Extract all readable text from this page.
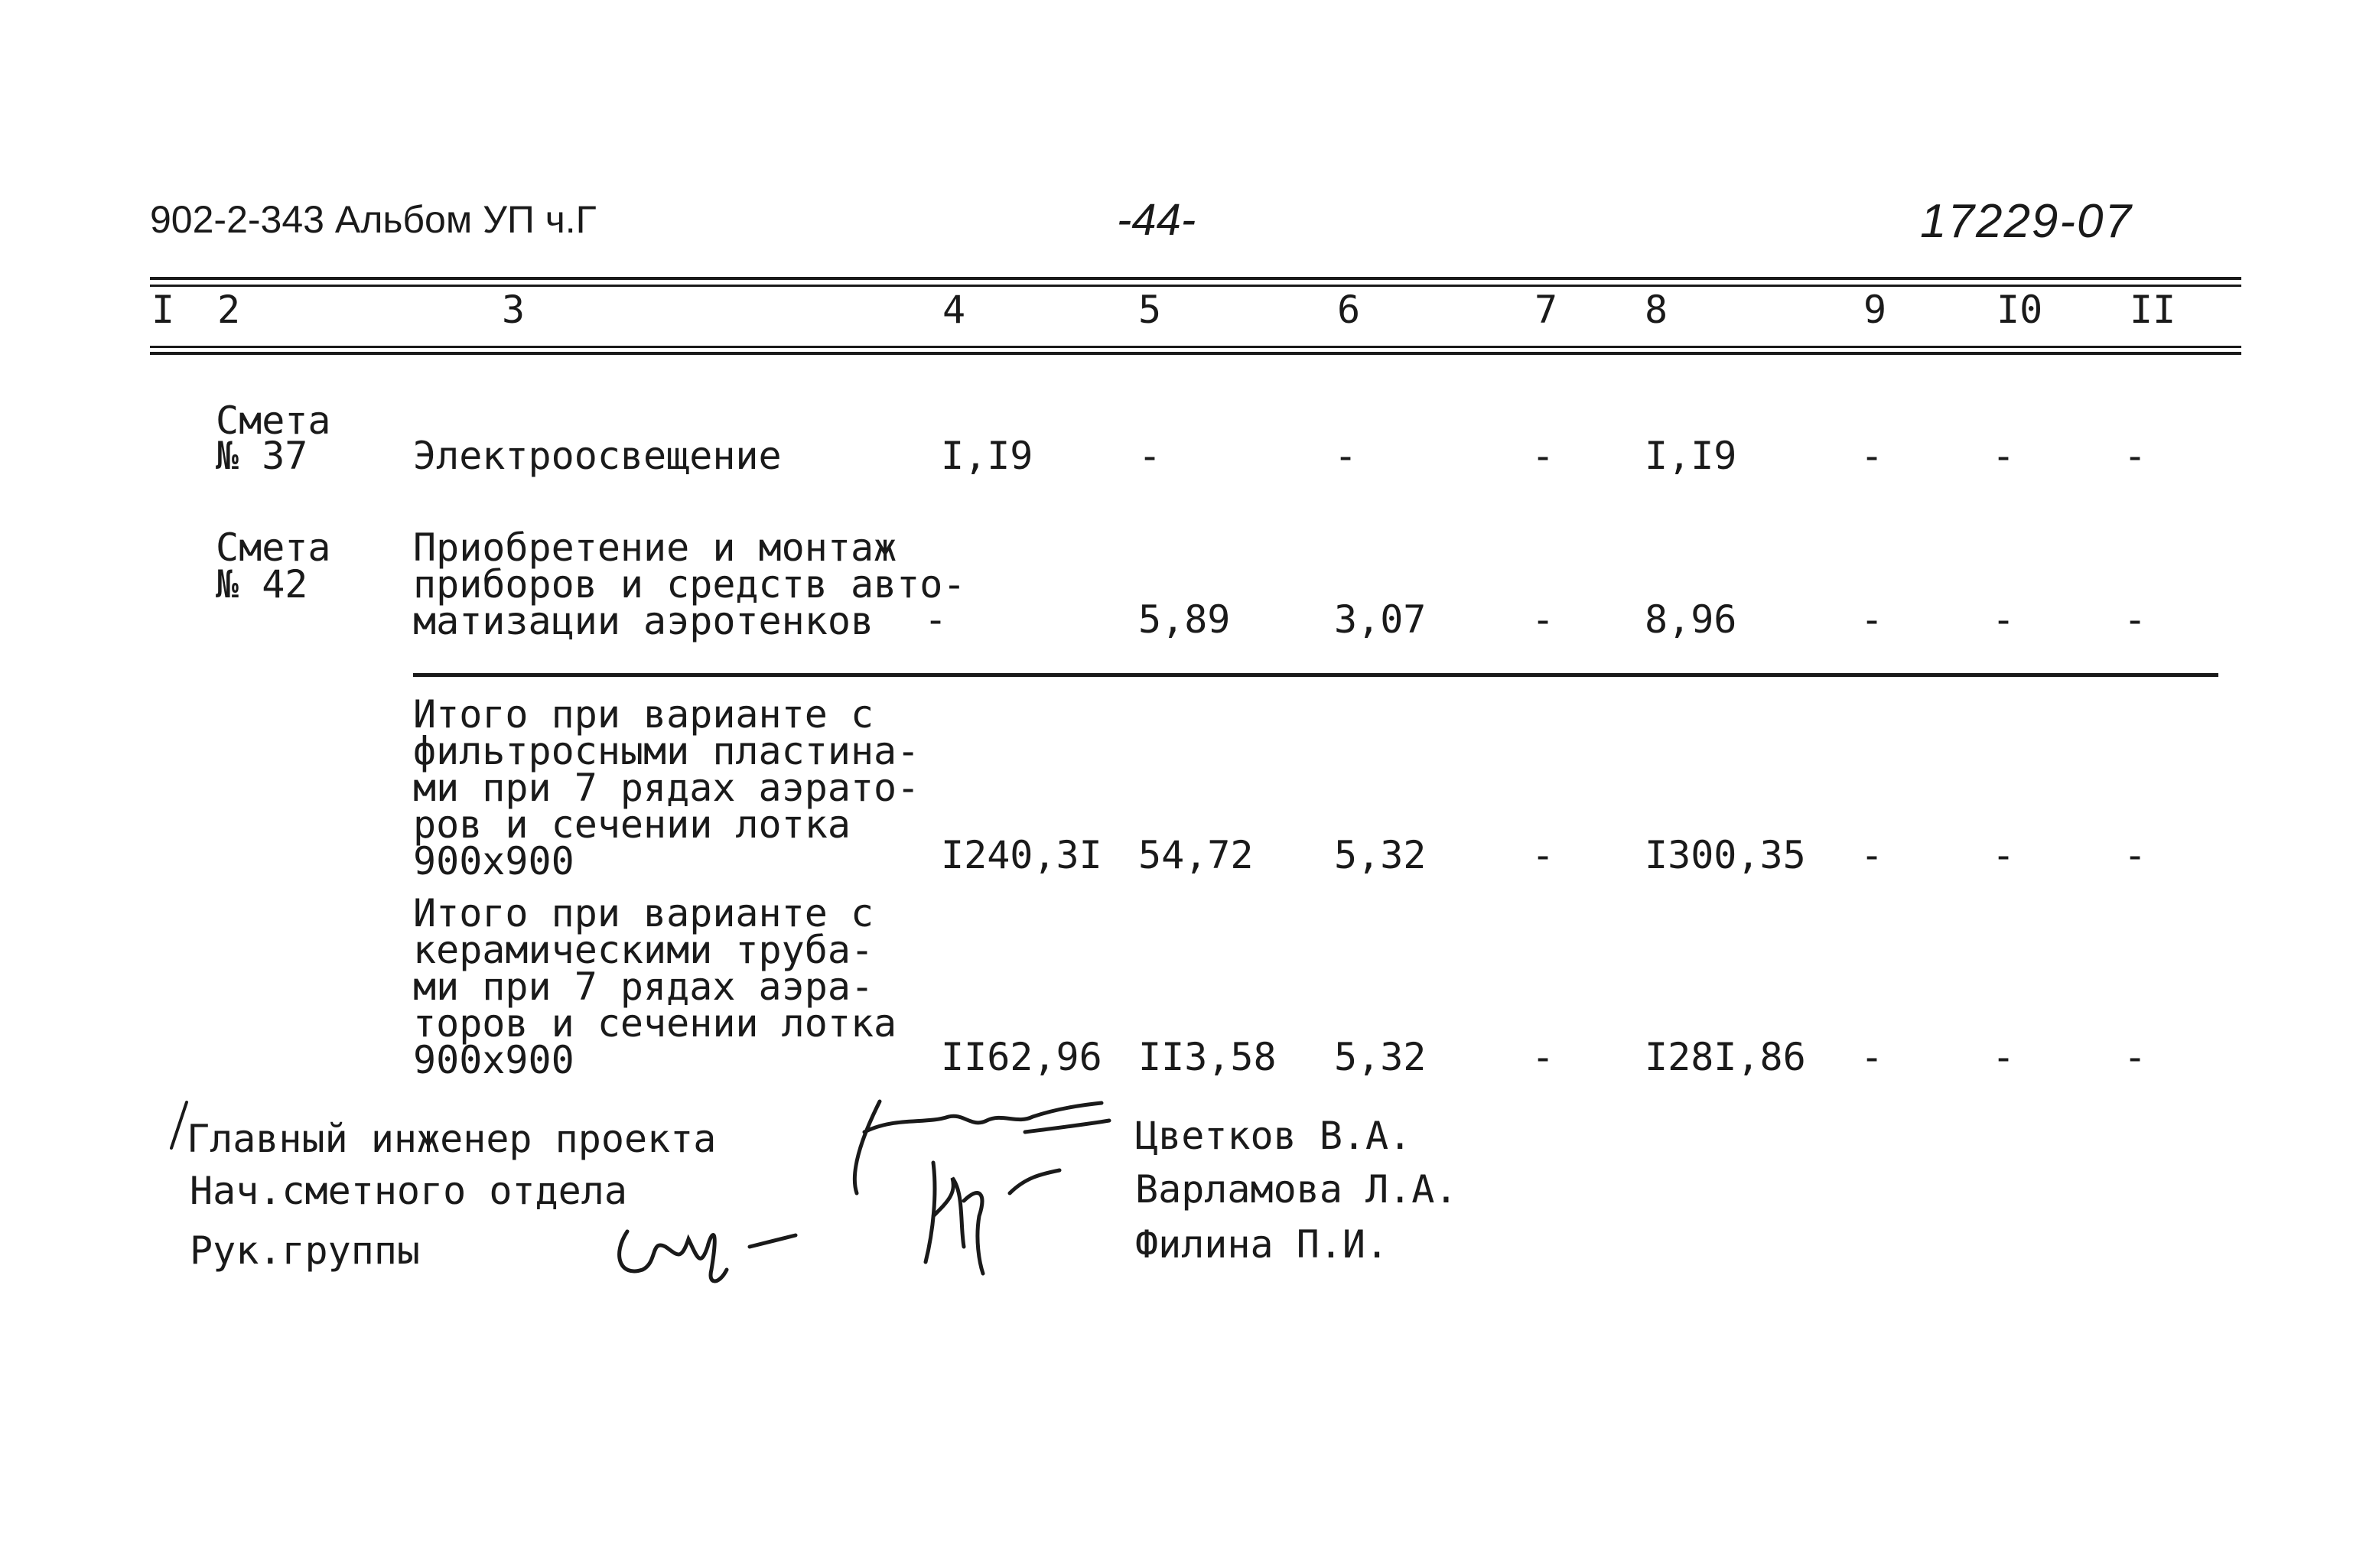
902-2-343 Альбом УП ч.Г	-44-	17229-07
I 2	3	4	5	6	7 8	9	I0 II
Смета
№ 37	Электроосвещение	I,I9	-	-	- I,I9	-	-	-
Смета
№ 42
Приобретение и монтаж
приборов и средств авто-
матизации аэротенков	-	5,89	3,07	- 8,96	-	-	-
Итого при варианте с
фильтросными пластина-
ми при 7 рядах аэрато-
ров и сечении лотка
900х900	I240,3I 54,72 5,32	- I300,35 -	-	-
Итого при варианте с
керамическими труба-
ми при 7 рядах аэра-
торов и сечении лотка
900х900	II62,96 II3,58 5,32	- I28I,86 -	-	-
Главный инженер проекта	Цветков В.А.
Нач.сметного отдела	Варламова Л.А.
Рук.группы	Филина П.И.
